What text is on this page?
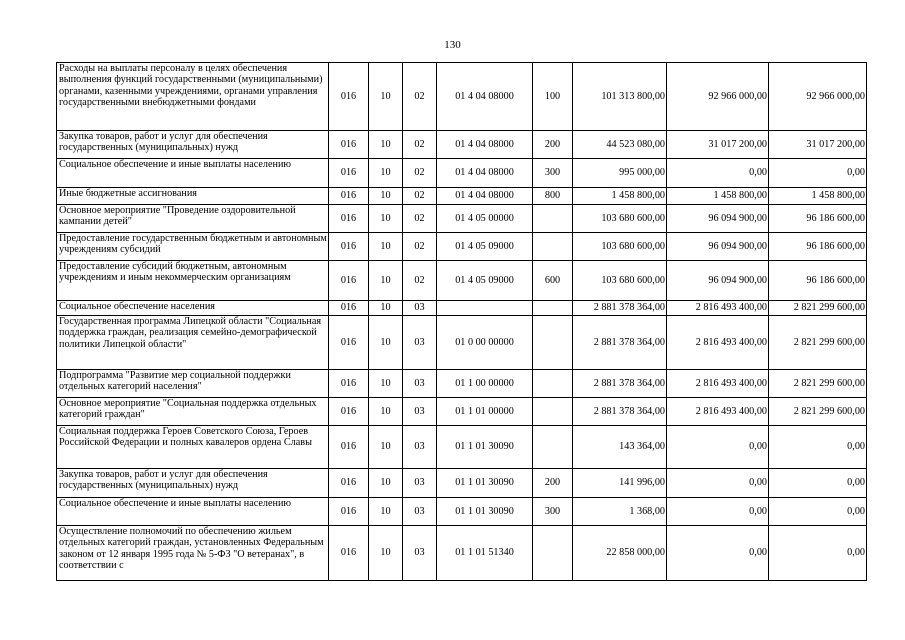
130
Расходы на выплаты персоналу в целях обеспечения выполнения функций государственными (муниципальными) органами, казенными учреждениями, органами управления государственными внебюджетными фондами	016	10	02	01 4 04 08000	100	101 313 800,00	92 966 000,00	92 966 000,00
Закупка товаров, работ и услуг для обеспечения государственных (муниципальных) нужд	016	10	02	01 4 04 08000	200	44 523 080,00	31 017 200,00	31 017 200,00
Социальное обеспечение и иные выплаты населению	016	10	02	01 4 04 08000	300	995 000,00	0,00	0,00
Иные бюджетные ассигнования	016	10	02	01 4 04 08000	800	1 458 800,00	1 458 800,00	1 458 800,00
Основное мероприятие "Проведение оздоровительной кампании детей"	016	10	02	01 4 05 00000		103 680 600,00	96 094 900,00	96 186 600,00
Предоставление государственным бюджетным и автономным учреждениям субсидий	016	10	02	01 4 05 09000		103 680 600,00	96 094 900,00	96 186 600,00
Предоставление субсидий бюджетным, автономным учреждениям и иным некоммерческим организациям	016	10	02	01 4 05 09000	600	103 680 600,00	96 094 900,00	96 186 600,00
Социальное обеспечение населения	016	10	03			2 881 378 364,00	2 816 493 400,00	2 821 299 600,00
Государственная программа Липецкой области "Социальная поддержка граждан, реализация семейно-демографической политики Липецкой области"	016	10	03	01 0 00 00000		2 881 378 364,00	2 816 493 400,00	2 821 299 600,00
Подпрограмма "Развитие мер социальной поддержки отдельных категорий населения"	016	10	03	01 1 00 00000		2 881 378 364,00	2 816 493 400,00	2 821 299 600,00
Основное мероприятие "Социальная поддержка отдельных категорий граждан"	016	10	03	01 1 01 00000		2 881 378 364,00	2 816 493 400,00	2 821 299 600,00
Социальная поддержка Героев Советского Союза, Героев Российской Федерации и полных кавалеров ордена Славы	016	10	03	01 1 01 30090		143 364,00	0,00	0,00
Закупка товаров, работ и услуг для обеспечения государственных (муниципальных) нужд	016	10	03	01 1 01 30090	200	141 996,00	0,00	0,00
Социальное обеспечение и иные выплаты населению	016	10	03	01 1 01 30090	300	1 368,00	0,00	0,00
Осуществление полномочий по обеспечению жильем отдельных категорий граждан, установленных Федеральным законом от 12 января 1995 года № 5-ФЗ "О ветеранах", в соответствии с	016	10	03	01 1 01 51340		22 858 000,00	0,00	0,00
